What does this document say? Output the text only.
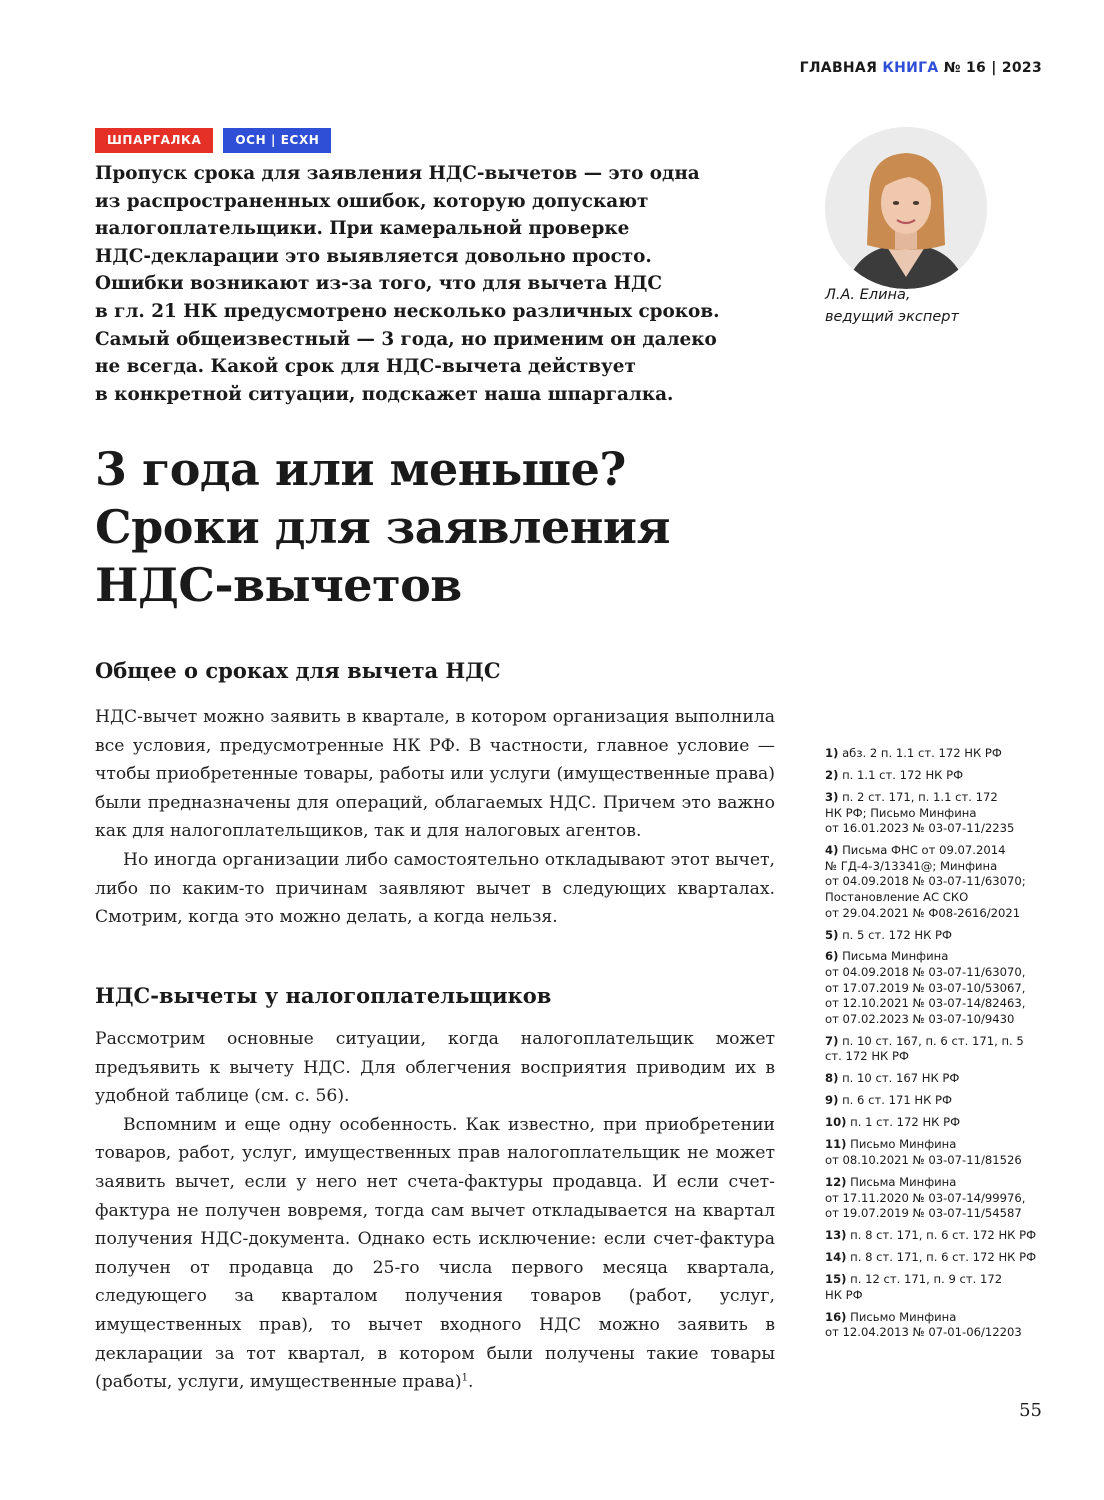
ГЛАВНАЯ КНИГА № 16 | 2023
ШПАРГАЛКА	ОСН | ЕСХН
Пропуск срока для заявления НДС-вычетов — это одна
из распространенных ошибок, которую допускают
налогоплательщики. При камеральной проверке
НДС-декларации это выявляется довольно просто.
Ошибки возникают из-за того, что для вычета НДС
в гл. 21 НК предусмотрено несколько различных сроков.
Самый общеизвестный — 3 года, но применим он далеко
не всегда. Какой срок для НДС-вычета действует
в конкретной ситуации, подскажет наша шпаргалка.
Л.А. Елина,
ведущий эксперт
3 года или меньше?
Сроки для заявления
НДС-вычетов
Общее о сроках для вычета НДС

НДС-вычет можно заявить в квартале, в котором организация выполнила все условия, предусмотренные НК РФ. В частности, главное условие — чтобы приобретенные товары, работы или услуги (имущественные права) были предназначены для операций, облагаемых НДС. Причем это важно как для налогоплательщиков, так и для налоговых агентов.

Но иногда организации либо самостоятельно откладывают этот вычет, либо по каким-то причинам заявляют вычет в следующих кварталах. Смотрим, когда это можно делать, а когда нельзя.

НДС-вычеты у налогоплательщиков

Рассмотрим основные ситуации, когда налогоплательщик может предъявить к вычету НДС. Для облегчения восприятия приводим их в удобной таблице (см. с. 56).

Вспомним и еще одну особенность. Как известно, при приобретении товаров, работ, услуг, имущественных прав налогоплательщик не может заявить вычет, если у него нет счета-фактуры продавца. И если счет-фактура не получен вовремя, тогда сам вычет откладывается на квартал получения НДС-документа. Однако есть исключение: если счет-фактура получен от продавца до 25-го числа первого месяца квартала, следующего за кварталом получения товаров (работ, услуг, имущественных прав), то вычет входного НДС можно заявить в декларации за тот квартал, в котором были получены такие товары (работы, услуги, имущественные права)$^1$.

1) абз. 2 п. 1.1 ст. 172 НК РФ
2) п. 1.1 ст. 172 НК РФ
3) п. 2 ст. 171, п. 1.1 ст. 172
НК РФ; Письмо Минфина
от 16.01.2023 № 03-07-11/2235
4) Письма ФНС от 09.07.2014
№ ГД-4-3/13341@; Минфина
от 04.09.2018 № 03-07-11/63070;
Постановление АС СКО
от 29.04.2021 № Ф08-2616/2021
5) п. 5 ст. 172 НК РФ
6) Письма Минфина
от 04.09.2018 № 03-07-11/63070,
от 17.07.2019 № 03-07-10/53067,
от 12.10.2021 № 03-07-14/82463,
от 07.02.2023 № 03-07-10/9430
7) п. 10 ст. 167, п. 6 ст. 171, п. 5
ст. 172 НК РФ
8) п. 10 ст. 167 НК РФ
9) п. 6 ст. 171 НК РФ
10) п. 1 ст. 172 НК РФ
11) Письмо Минфина
от 08.10.2021 № 03-07-11/81526
12) Письма Минфина
от 17.11.2020 № 03-07-14/99976,
от 19.07.2019 № 03-07-11/54587
13) п. 8 ст. 171, п. 6 ст. 172 НК РФ
14) п. 8 ст. 171, п. 6 ст. 172 НК РФ
15) п. 12 ст. 171, п. 9 ст. 172
НК РФ
16) Письмо Минфина
от 12.04.2013 № 07-01-06/12203
55
